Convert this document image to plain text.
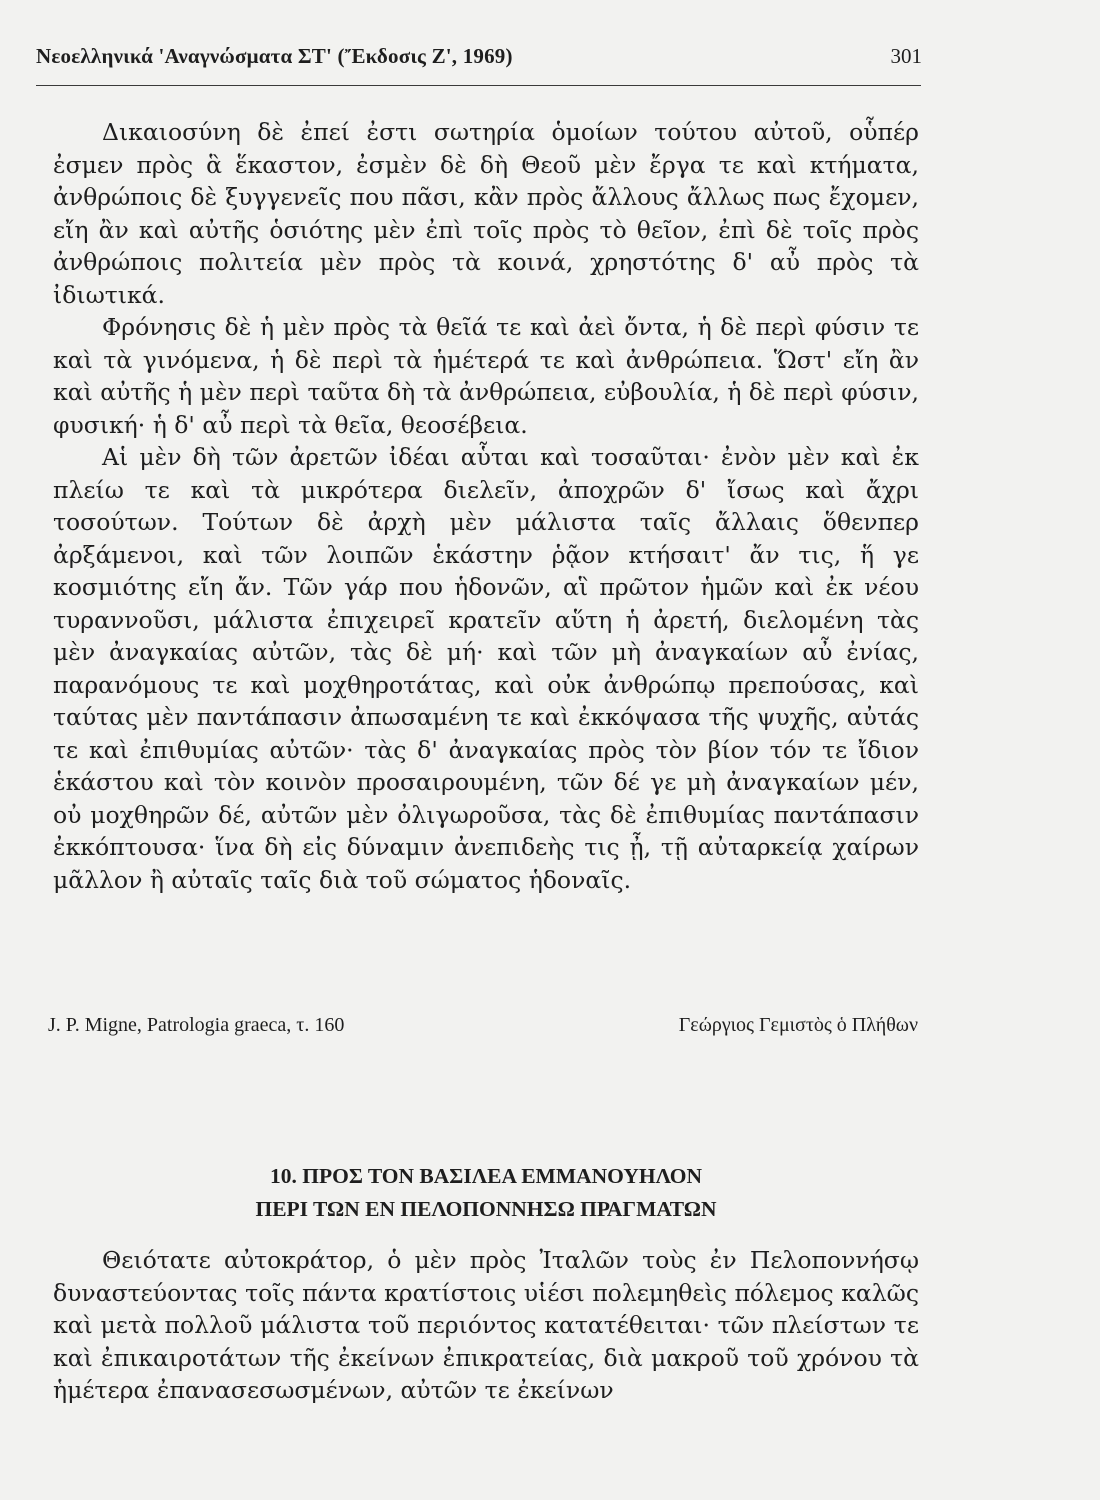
Νεοελληνικά 'Αναγνώσματα ΣΤ' (Ἔκδοσις Ζ', 1969)	301

Δικαιοσύνη δὲ ἐπεί ἐστι σωτηρία ὁμοίων τούτου αὐτοῦ, οὗπέρ ἐσμεν πρὸς ἃ ἕκαστον, ἐσμὲν δὲ δὴ Θεοῦ μὲν ἔργα τε καὶ κτήματα, ἀνθρώποις δὲ ξυγγενεῖς που πᾶσι, κἂν πρὸς ἄλλους ἄλλως πως ἔχομεν, εἴη ἂν καὶ αὐτῆς ὁσιότης μὲν ἐπὶ τοῖς πρὸς τὸ θεῖον, ἐπὶ δὲ τοῖς πρὸς ἀνθρώποις πολιτεία μὲν πρὸς τὰ κοινά, χρηστότης δ' αὖ πρὸς τὰ ἰδιωτικά.

Φρόνησις δὲ ἡ μὲν πρὸς τὰ θεῖά τε καὶ ἀεὶ ὄντα, ἡ δὲ περὶ φύσιν τε καὶ τὰ γινόμενα, ἡ δὲ περὶ τὰ ἡμέτερά τε καὶ ἀνθρώπεια. Ὥστ' εἴη ἂν καὶ αὐτῆς ἡ μὲν περὶ ταῦτα δὴ τὰ ἀνθρώπεια, εὐβουλία, ἡ δὲ περὶ φύσιν, φυσική· ἡ δ' αὖ περὶ τὰ θεῖα, θεοσέβεια.

Αἱ μὲν δὴ τῶν ἀρετῶν ἰδέαι αὗται καὶ τοσαῦται· ἐνὸν μὲν καὶ ἐκ πλείω τε καὶ τὰ μικρότερα διελεῖν, ἀποχρῶν δ' ἴσως καὶ ἄχρι τοσούτων. Τούτων δὲ ἀρχὴ μὲν μάλιστα ταῖς ἄλλαις ὅθενπερ ἀρξάμενοι, καὶ τῶν λοιπῶν ἑκάστην ῥᾷον κτήσαιτ' ἄν τις, ἥ γε κοσμιότης εἴη ἄν. Τῶν γάρ που ἡδονῶν, αἳ πρῶτον ἡμῶν καὶ ἐκ νέου τυραννοῦσι, μάλιστα ἐπιχειρεῖ κρατεῖν αὕτη ἡ ἀρετή, διελομένη τὰς μὲν ἀναγκαίας αὐτῶν, τὰς δὲ μή· καὶ τῶν μὴ ἀναγκαίων αὖ ἐνίας, παρανόμους τε καὶ μοχθηροτάτας, καὶ οὐκ ἀνθρώπῳ πρεπούσας, καὶ ταύτας μὲν παντάπασιν ἀπωσαμένη τε καὶ ἐκκόψασα τῆς ψυχῆς, αὐτάς τε καὶ ἐπιθυμίας αὐτῶν· τὰς δ' ἀναγκαίας πρὸς τὸν βίον τόν τε ἴδιον ἑκάστου καὶ τὸν κοινὸν προσαιρουμένη, τῶν δέ γε μὴ ἀναγκαίων μέν, οὐ μοχθηρῶν δέ, αὐτῶν μὲν ὀλιγωροῦσα, τὰς δὲ ἐπιθυμίας παντάπασιν ἐκκόπτουσα· ἵνα δὴ εἰς δύναμιν ἀνεπιδεὴς τις ᾖ, τῇ αὐταρκείᾳ χαίρων μᾶλλον ἢ αὐταῖς ταῖς διὰ τοῦ σώματος ἡδοναῖς.

J. P. Migne, Patrologia graeca, τ. 160	Γεώργιος Γεμιστὸς ὁ Πλήθων
10. ΠΡΟΣ ΤΟΝ ΒΑΣΙΛΕΑ ΕΜΜΑΝΟΥΗΛΟΝ
ΠΕΡΙ ΤΩΝ ΕΝ ΠΕΛΟΠΟΝΝΗΣΩ ΠΡΑΓΜΑΤΩΝ

Θειότατε αὐτοκράτορ, ὁ μὲν πρὸς Ἰταλῶν τοὺς ἐν Πελοποννήσῳ δυναστεύοντας τοῖς πάντα κρατίστοις υἱέσι πολεμηθεὶς πόλεμος καλῶς καὶ μετὰ πολλοῦ μάλιστα τοῦ περιόντος κατατέθειται· τῶν πλείστων τε καὶ ἐπικαιροτάτων τῆς ἐκείνων ἐπικρατείας, διὰ μακροῦ τοῦ χρόνου τὰ ἡμέτερα ἐπανασεσωσμένων, αὐτῶν τε ἐκείνων
